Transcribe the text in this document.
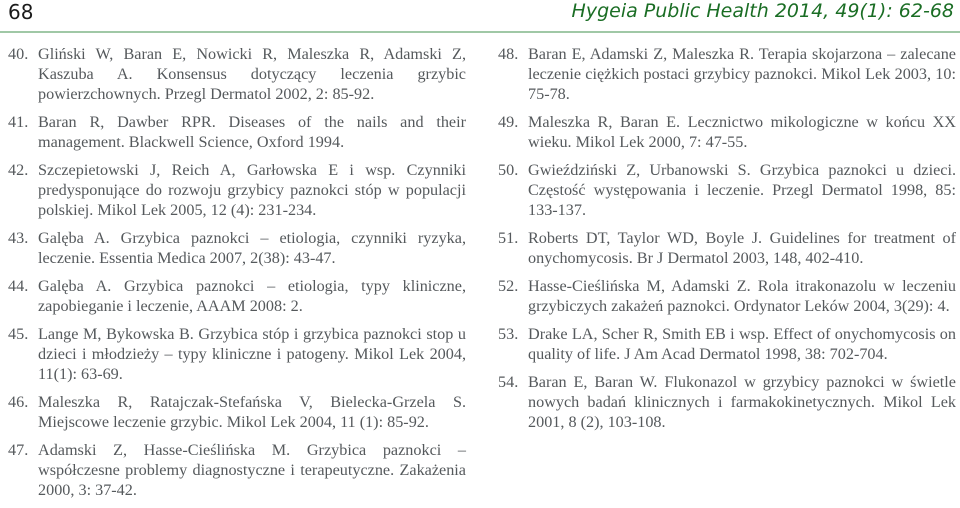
68	Hygeia Public Health 2014, 49(1): 62-68
40. Gliński W, Baran E, Nowicki R, Maleszka R, Adamski Z, Kaszuba A. Konsensus dotyczący leczenia grzybic powierzchownych. Przegl Dermatol 2002, 2: 85-92.
41. Baran R, Dawber RPR. Diseases of the nails and their management. Blackwell Science, Oxford 1994.
42. Szczepietowski J, Reich A, Garłowska E i wsp. Czynniki predysponujące do rozwoju grzybicy paznokci stóp w populacji polskiej. Mikol Lek 2005, 12 (4): 231-234.
43. Galęba A. Grzybica paznokci – etiologia, czynniki ryzyka, leczenie. Essentia Medica 2007, 2(38): 43-47.
44. Galęba A. Grzybica paznokci – etiologia, typy kliniczne, zapobieganie i leczenie, AAAM 2008: 2.
45. Lange M, Bykowska B. Grzybica stóp i grzybica paznokci stop u dzieci i młodzieży – typy kliniczne i patogeny. Mikol Lek 2004, 11(1): 63-69.
46. Maleszka R, Ratajczak-Stefańska V, Bielecka-Grzela S. Miejscowe leczenie grzybic. Mikol Lek 2004, 11 (1): 85-92.
47. Adamski Z, Hasse-Cieślińska M. Grzybica paznokci – współczesne problemy diagnostyczne i terapeutyczne. Zakażenia 2000, 3: 37-42.
48. Baran E, Adamski Z, Maleszka R. Terapia skojarzona – zalecane leczenie ciężkich postaci grzybicy paznokci. Mikol Lek 2003, 10: 75-78.
49. Maleszka R, Baran E. Lecznictwo mikologiczne w końcu XX wieku. Mikol Lek 2000, 7: 47-55.
50. Gwieździński Z, Urbanowski S. Grzybica paznokci u dzieci. Częstość występowania i leczenie. Przegl Dermatol 1998, 85: 133-137.
51. Roberts DT, Taylor WD, Boyle J. Guidelines for treatment of onychomycosis. Br J Dermatol 2003, 148, 402-410.
52. Hasse-Cieślińska M, Adamski Z. Rola itrakonazolu w leczeniu grzybiczych zakażeń paznokci. Ordynator Leków 2004, 3(29): 4.
53. Drake LA, Scher R, Smith EB i wsp. Effect of onychomycosis on quality of life. J Am Acad Dermatol 1998, 38: 702-704.
54. Baran E, Baran W. Flukonazol w grzybicy paznokci w świetle nowych badań klinicznych i farmakokinetycznych. Mikol Lek 2001, 8 (2), 103-108.
